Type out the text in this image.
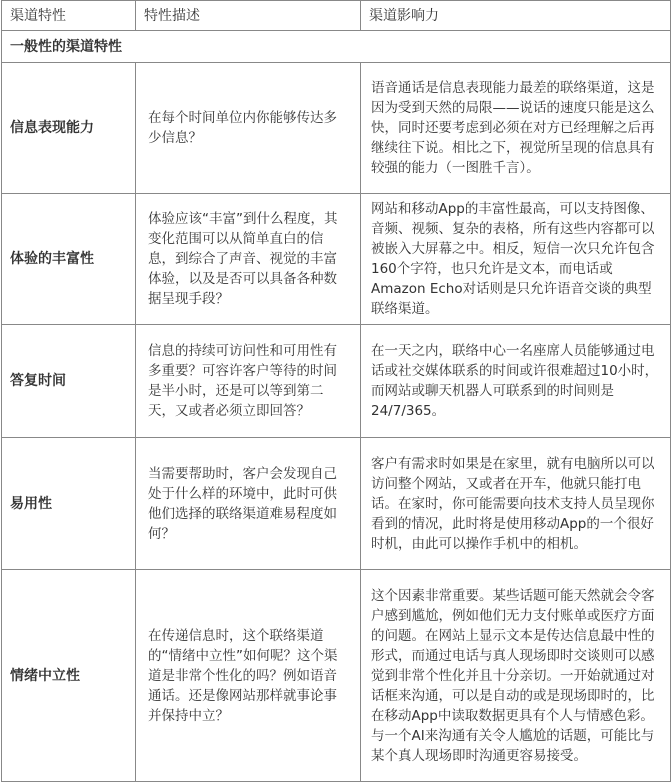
渠道特性	特性描述	渠道影响力
一般性的渠道特性		
信息表现能力	在每个时间单位内你能够传达多少信息？	语音通话是信息表现能力最差的联络渠道，这是因为受到天然的局限——说话的速度只能是这么快，同时还要考虑到必须在对方已经理解之后再继续往下说。相比之下，视觉所呈现的信息具有较强的能力（一图胜千言）。
体验的丰富性	体验应该“丰富”到什么程度，其变化范围可以从简单直白的信息，到综合了声音、视觉的丰富体验，以及是否可以具备各种数据呈现手段？	网站和移动App的丰富性最高，可以支持图像、音频、视频、复杂的表格，所有这些内容都可以被嵌入大屏幕之中。相反，短信一次只允许包含160个字符，也只允许是文本，而电话或Amazon Echo对话则是只允许语音交谈的典型联络渠道。
答复时间	信息的持续可访问性和可用性有多重要？可容许客户等待的时间是半小时，还是可以等到第二天，又或者必须立即回答？	在一天之内，联络中心一名座席人员能够通过电话或社交媒体联系的时间或许很难超过10小时，而网站或聊天机器人可联系到的时间则是24/7/365。
易用性	当需要帮助时，客户会发现自己处于什么样的环境中，此时可供他们选择的联络渠道难易程度如何？	客户有需求时如果是在家里，就有电脑所以可以访问整个网站，又或者在开车，他就只能打电话。在家时，你可能需要向技术支持人员呈现你看到的情况，此时将是使用移动App的一个很好时机，由此可以操作手机中的相机。
情绪中立性	在传递信息时，这个联络渠道的“情绪中立性”如何呢？这个渠道是非常个性化的吗？例如语音通话。还是像网站那样就事论事并保持中立？	这个因素非常重要。某些话题可能天然就会令客户感到尴尬，例如他们无力支付账单或医疗方面的问题。在网站上显示文本是传达信息最中性的形式，而通过电话与真人现场即时交谈则可以感觉到非常个性化并且十分亲切。一开始就通过对话框来沟通，可以是自动的或是现场即时的，比在移动App中读取数据更具有个人与情感色彩。与一个AI来沟通有关令人尴尬的话题，可能比与某个真人现场即时沟通更容易接受。
